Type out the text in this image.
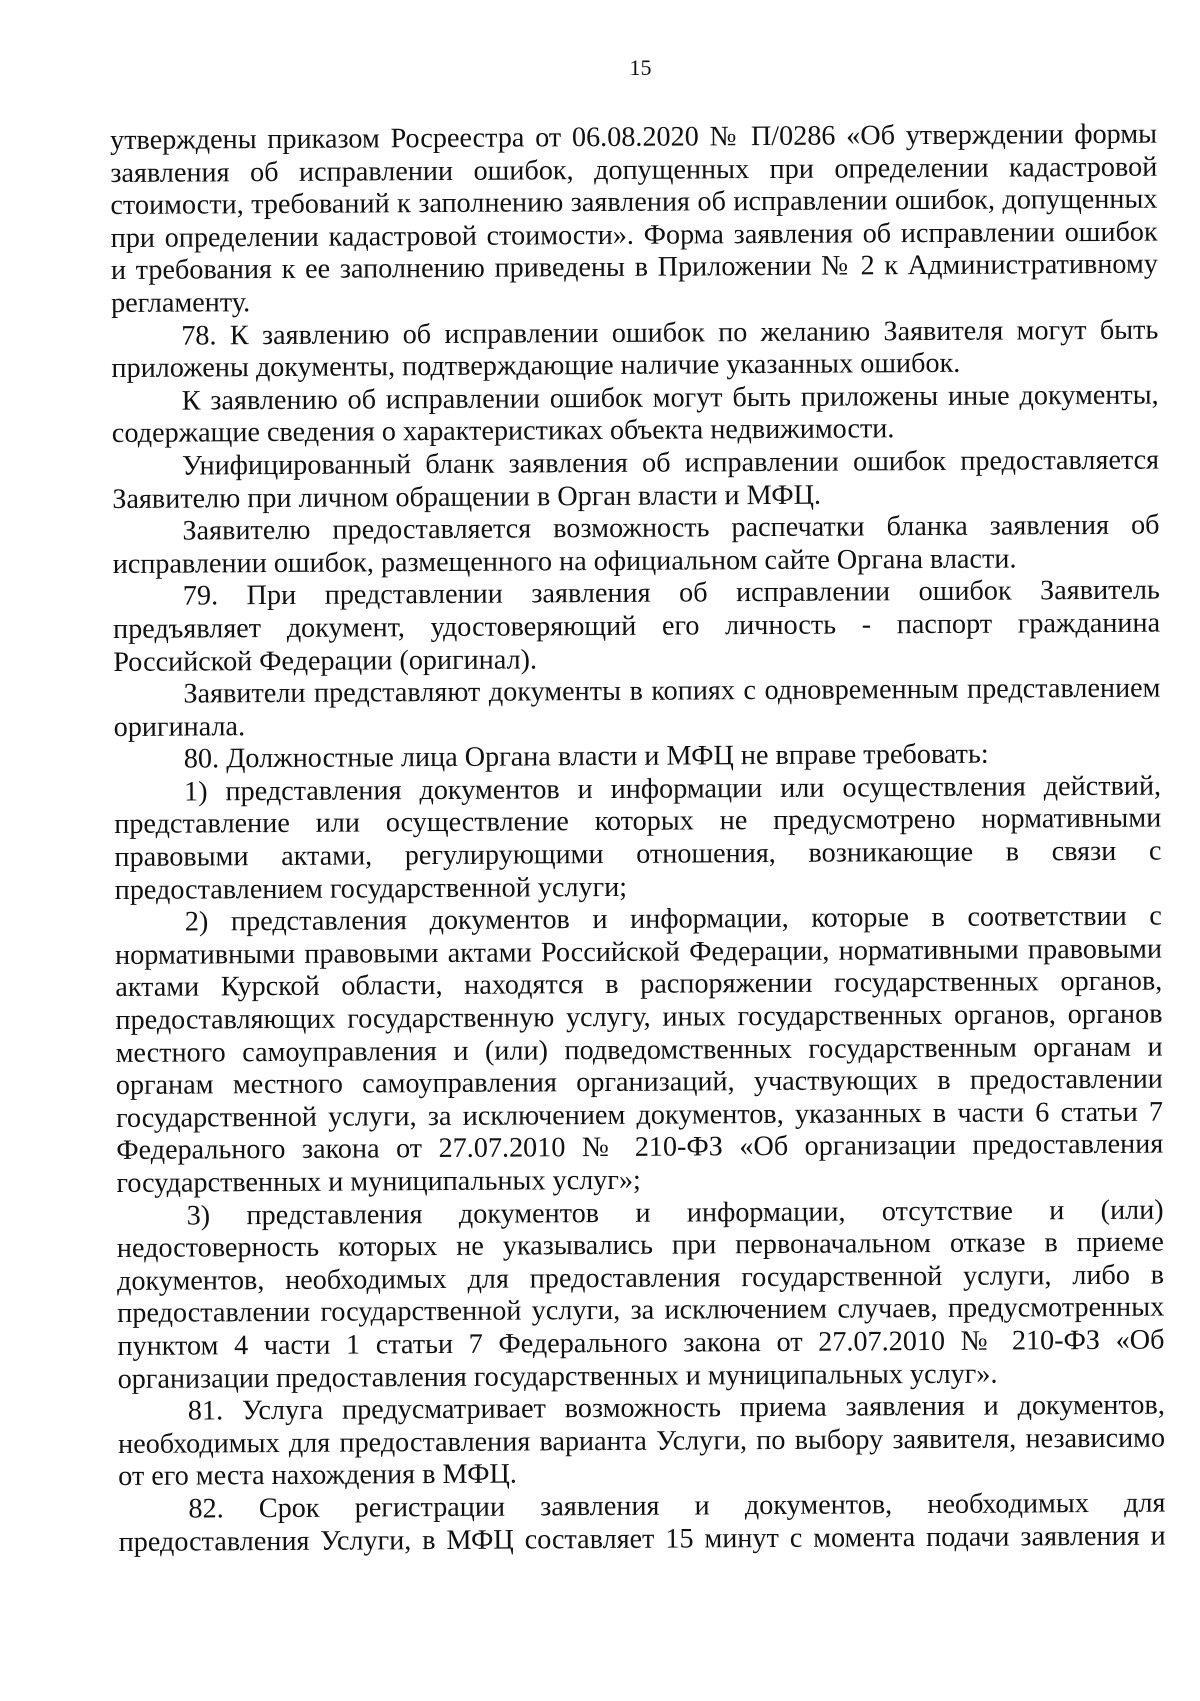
15

утверждены приказом Росреестра от 06.08.2020 № П/0286 «Об утверждении формы заявления об исправлении ошибок, допущенных при определении кадастровой стоимости, требований к заполнению заявления об исправлении ошибок, допущенных при определении кадастровой стоимости». Форма заявления об исправлении ошибок и требования к ее заполнению приведены в Приложении № 2 к Административному регламенту.

78. К заявлению об исправлении ошибок по желанию Заявителя могут быть приложены документы, подтверждающие наличие указанных ошибок.

К заявлению об исправлении ошибок могут быть приложены иные документы, содержащие сведения о характеристиках объекта недвижимости.

Унифицированный бланк заявления об исправлении ошибок предоставляется Заявителю при личном обращении в Орган власти и МФЦ.

Заявителю предоставляется возможность распечатки бланка заявления об исправлении ошибок, размещенного на официальном сайте Органа власти.

79. При представлении заявления об исправлении ошибок Заявитель предъявляет документ, удостоверяющий его личность - паспорт гражданина Российской Федерации (оригинал).

Заявители представляют документы в копиях с одновременным представлением оригинала.

80. Должностные лица Органа власти и МФЦ не вправе требовать:

1) представления документов и информации или осуществления действий, представление или осуществление которых не предусмотрено нормативными правовыми актами, регулирующими отношения, возникающие в связи с предоставлением государственной услуги;

2) представления документов и информации, которые в соответствии с нормативными правовыми актами Российской Федерации, нормативными правовыми актами Курской области, находятся в распоряжении государственных органов, предоставляющих государственную услугу, иных государственных органов, органов местного самоуправления и (или) подведомственных государственным органам и органам местного самоуправления организаций, участвующих в предоставлении государственной услуги, за исключением документов, указанных в части 6 статьи 7 Федерального закона от 27.07.2010 № 210-ФЗ «Об организации предоставления государственных и муниципальных услуг»;

3) представления документов и информации, отсутствие и (или) недостоверность которых не указывались при первоначальном отказе в приеме документов, необходимых для предоставления государственной услуги, либо в предоставлении государственной услуги, за исключением случаев, предусмотренных пунктом 4 части 1 статьи 7 Федерального закона от 27.07.2010 № 210-ФЗ «Об организации предоставления государственных и муниципальных услуг».

81. Услуга предусматривает возможность приема заявления и документов, необходимых для предоставления варианта Услуги, по выбору заявителя, независимо от его места нахождения в МФЦ.

82. Срок регистрации заявления и документов, необходимых для предоставления Услуги, в МФЦ составляет 15 минут с момента подачи заявления и
